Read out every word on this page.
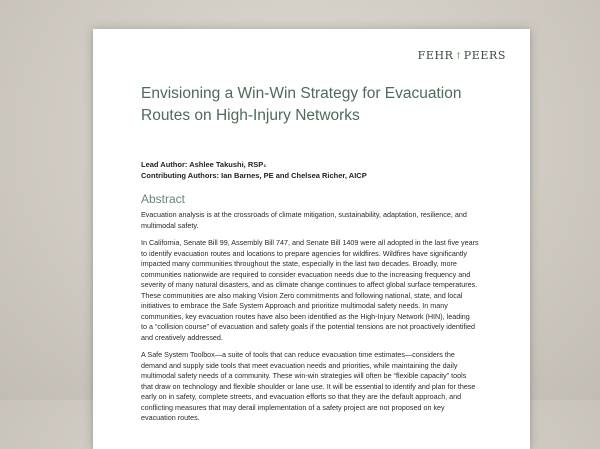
FEHR↑PEERS
Envisioning a Win-Win Strategy for Evacuation
Routes on High-Injury Networks
Lead Author: Ashlee Takushi, RSP₁
Contributing Authors: Ian Barnes, PE and Chelsea Richer, AICP
Abstract

Evacuation analysis is at the crossroads of climate mitigation, sustainability, adaptation, resilience, and
multimodal safety.

In California, Senate Bill 99, Assembly Bill 747, and Senate Bill 1409 were all adopted in the last five years
to identify evacuation routes and locations to prepare agencies for wildfires. Wildfires have significantly
impacted many communities throughout the state, especially in the last two decades. Broadly, more
communities nationwide are required to consider evacuation needs due to the increasing frequency and
severity of many natural disasters, and as climate change continues to affect global surface temperatures.
These communities are also making Vision Zero commitments and following national, state, and local
initiatives to embrace the Safe System Approach and prioritize multimodal safety needs. In many
communities, key evacuation routes have also been identified as the High-Injury Network (HIN), leading
to a “collision course” of evacuation and safety goals if the potential tensions are not proactively identified
and creatively addressed.

A Safe System Toolbox—a suite of tools that can reduce evacuation time estimates—considers the
demand and supply side tools that meet evacuation needs and priorities, while maintaining the daily
multimodal safety needs of a community. These win-win strategies will often be “flexible capacity” tools
that draw on technology and flexible shoulder or lane use. It will be essential to identify and plan for these
early on in safety, complete streets, and evacuation efforts so that they are the default approach, and
conflicting measures that may derail implementation of a safety project are not proposed on key
evacuation routes.
